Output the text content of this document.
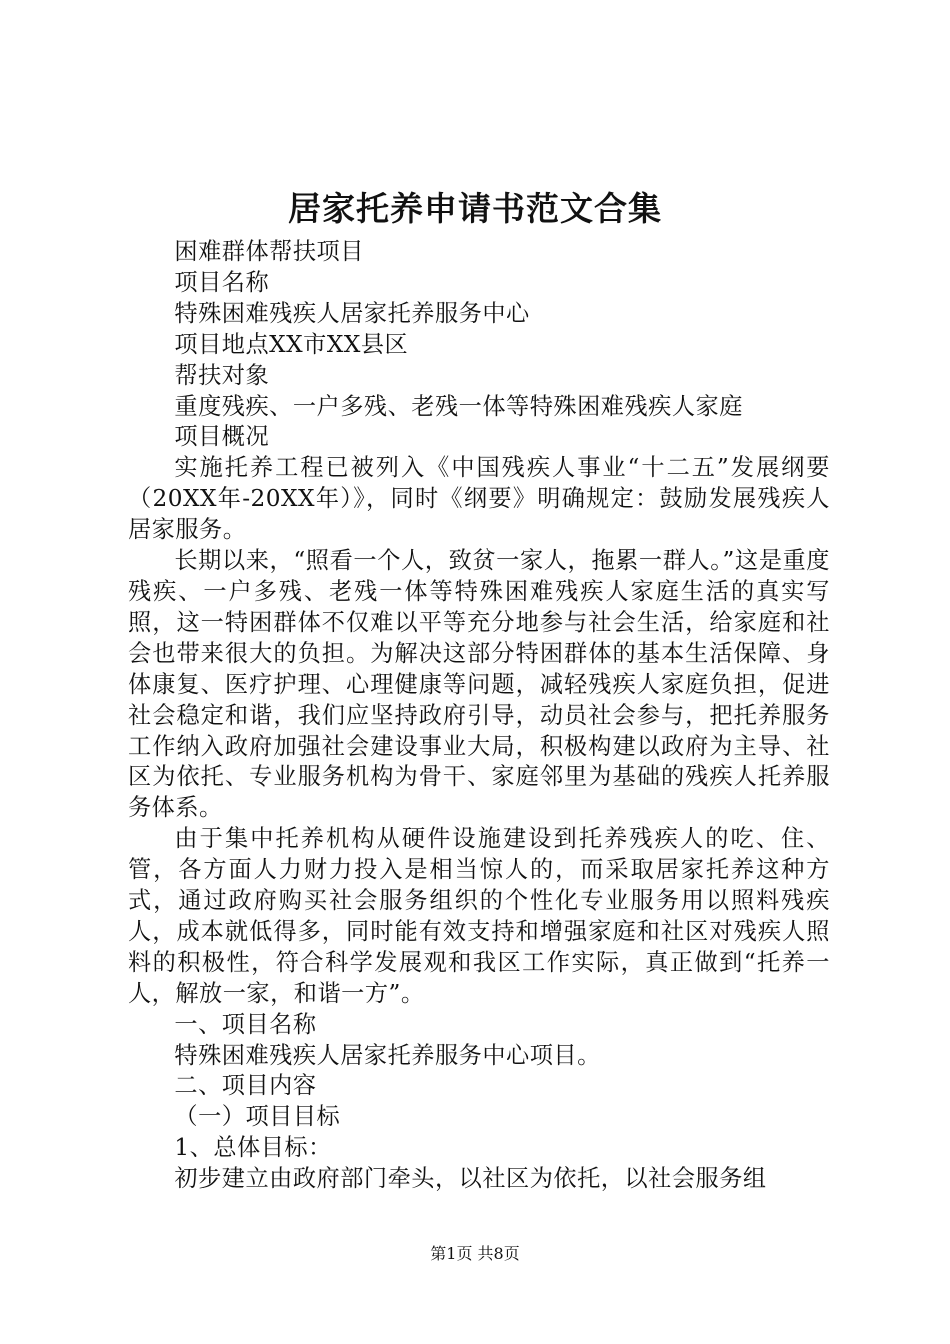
居家托养申请书范文合集

困难群体帮扶项目

项目名称

特殊困难残疾人居家托养服务中心

项目地点XX市XX县区

帮扶对象

重度残疾、一户多残、老残一体等特殊困难残疾人家庭

项目概况

实施托养工程已被列入《中国残疾人事业“十二五”发展纲要（20XX年-20XX年）》，同时《纲要》明确规定：鼓励发展残疾人居家服务。

长期以来，“照看一个人，致贫一家人，拖累一群人。”这是重度残疾、一户多残、老残一体等特殊困难残疾人家庭生活的真实写照，这一特困群体不仅难以平等充分地参与社会生活，给家庭和社会也带来很大的负担。为解决这部分特困群体的基本生活保障、身体康复、医疗护理、心理健康等问题，减轻残疾人家庭负担，促进社会稳定和谐，我们应坚持政府引导，动员社会参与，把托养服务工作纳入政府加强社会建设事业大局，积极构建以政府为主导、社区为依托、专业服务机构为骨干、家庭邻里为基础的残疾人托养服务体系。

由于集中托养机构从硬件设施建设到托养残疾人的吃、住、管，各方面人力财力投入是相当惊人的，而采取居家托养这种方式，通过政府购买社会服务组织的个性化专业服务用以照料残疾人，成本就低得多，同时能有效支持和增强家庭和社区对残疾人照料的积极性，符合科学发展观和我区工作实际，真正做到“托养一人，解放一家，和谐一方”。

一、项目名称

特殊困难残疾人居家托养服务中心项目。

二、项目内容

（一）项目目标

1、总体目标：

初步建立由政府部门牵头，以社区为依托，以社会服务组

第1页 共8页
